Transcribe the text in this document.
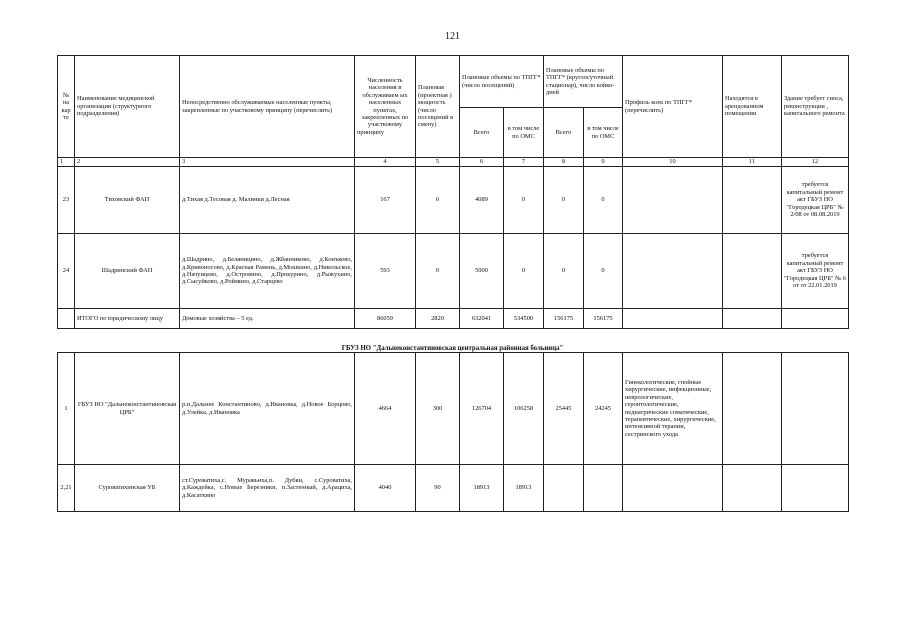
121
№ на кар те	Наименование медицинской организации (структурного подразделения)	Непосредственно обслуживаемые населенные пункты, закрепленные по участковому принципу (перечислить)	Численность населения в обслуживаем ых населенных пунктах, закрепленных по участковому принципу	Плановая (проектная ) мощность (число посещений в смену)	Плановые объемы по ТПГГ* (число посещений)		Плановые объемы по ТПГГ* (круглосуточный стационар), число койко-дней		Профиль коек по ТПГГ* (перечислить)	Находятся в арендованном помещении	Здание требует сноса, реконструкции , капитального ремонта
					Всего	в том числе по ОМС	Всего	в том числе по ОМС			
1	2	3	4	5	6	7	8	9	10	11	12
23	Тиховский ФАП	д.Тихая д.Тесовая д. Малинки д.Лесная	167	0	4089	0	0	0			требуется капитальный ремонт акт ГБУЗ НО "Городецкая ЦРБ" № 2/08 от 08.08.2019
24	Шадринский ФАП	д.Шадрино, д.Беляницино, д.Жбанниково, д.Конъково, д.Кривоносово, д.Красная Рамень, д.Мошкино, д.Никольское, д.Начуицево, д.Островино, д.Прокурино, д.Рыжухино, д.Сысуйково, д.Роймино, д.Старцево	593	0	5000	0	0	0			требуется капитальный ремонт акт ГБУЗ НО "Городецкая ЦРБ" № 6 от от 22.01.2019
	ИТОГО по юридическому лицу	Домовые хозяйства – 5 ед.	86059	2820	632041	534500	156175	156175			
ГБУЗ НО "Дальнеконстантиновская центральная районная больница"
1	ГБУЗ НО "Дальнеконстантиновская ЦРБ"	р.п.Дальнее Константиново, д.Ивановка, д.Новое Борцово, д.Улейка, д.Ивановка	4664	300	126704	106258	25445	24245	Гинекологические, гнойные хирургические, инфекционные, неврологические, геронтологические, педиатрические соматические, терапевтические, хирургические, интенсивной терапии, сестринского ухода		
2,21	Сурoватихинская УБ	ст.Суроватиха,с. Муравьиха,п. Дубки, с.Суроватиха, д.Каждейка, с.Новые Березники, п.Застенный, д.Арациха, д.Касаткино	4040	90	18913	18913					
